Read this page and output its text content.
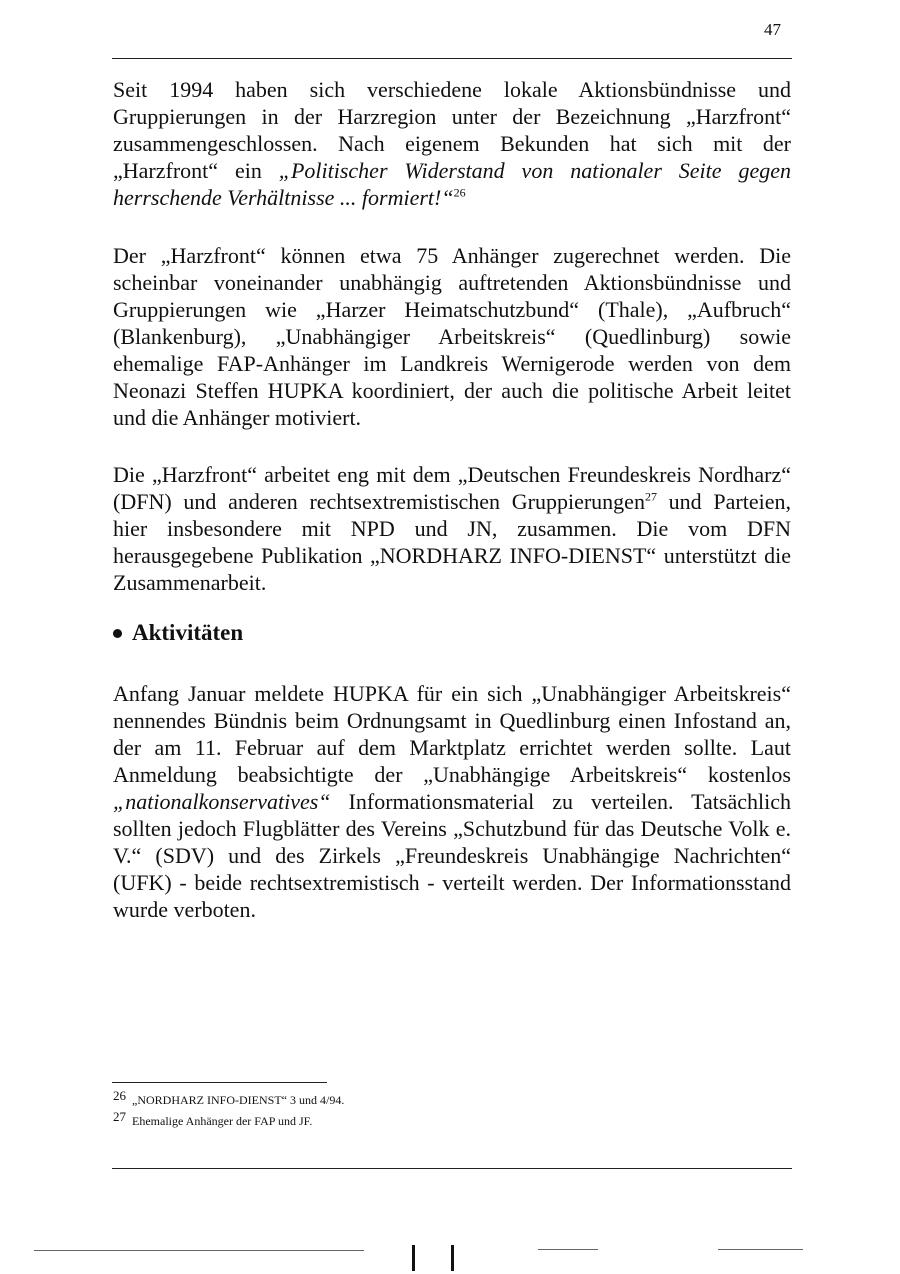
47

Seit 1994 haben sich verschiedene lokale Aktionsbündnisse und Gruppierungen in der Harzregion unter der Bezeichnung „Harzfront“ zusammengeschlossen. Nach eigenem Bekunden hat sich mit der „Harzfront“ ein „Politischer Widerstand von nationaler Seite gegen herrschende Verhältnisse ... formiert!“$^{26}$

Der „Harzfront“ können etwa 75 Anhänger zugerechnet werden. Die scheinbar voneinander unabhängig auftretenden Aktionsbündnisse und Gruppierungen wie „Harzer Heimatschutzbund“ (Thale), „Aufbruch“ (Blankenburg), „Unabhängiger Arbeitskreis“ (Quedlinburg) sowie ehemalige FAP-Anhänger im Landkreis Wernigerode werden von dem Neonazi Steffen HUPKA koordiniert, der auch die politische Arbeit leitet und die Anhänger motiviert.

Die „Harzfront“ arbeitet eng mit dem „Deutschen Freundeskreis Nordharz“ (DFN) und anderen rechtsextremistischen Gruppierungen$^{27}$ und Parteien, hier insbesondere mit NPD und JN, zusammen. Die vom DFN herausgegebene Publikation „NORDHARZ INFO-DIENST“ unterstützt die Zusammenarbeit.

Aktivitäten

Anfang Januar meldete HUPKA für ein sich „Unabhängiger Arbeitskreis“ nennendes Bündnis beim Ordnungsamt in Quedlinburg einen Infostand an, der am 11. Februar auf dem Marktplatz errichtet werden sollte. Laut Anmeldung beabsichtigte der „Unabhängige Arbeitskreis“ kostenlos „nationalkonservatives“ Informationsmaterial zu verteilen. Tatsächlich sollten jedoch Flugblätter des Vereins „Schutzbund für das Deutsche Volk e. V.“ (SDV) und des Zirkels „Freundeskreis Unabhängige Nachrichten“ (UFK) - beide rechtsextremistisch - verteilt werden. Der Informationsstand wurde verboten.

$^{26}$ „NORDHARZ INFO-DIENST“ 3 und 4/94.

$^{27}$ Ehemalige Anhänger der FAP und JF.
